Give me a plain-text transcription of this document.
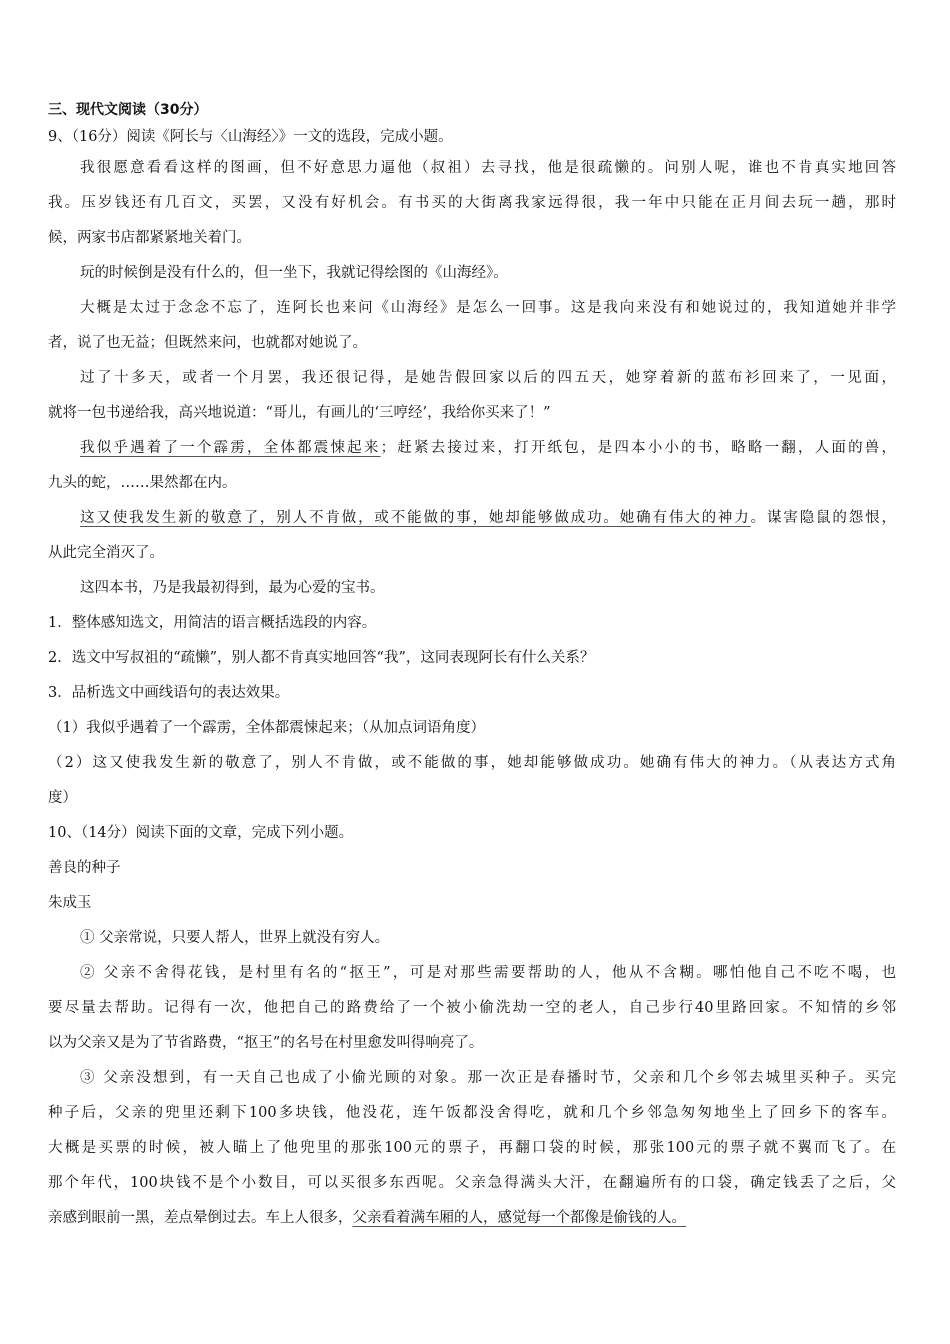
三、现代文阅读（30分）
9、（16分）阅读《阿长与〈山海经〉》一文的选段，完成小题。
我很愿意看看这样的图画，但不好意思力逼他（叔祖）去寻找，他是很疏懒的。问别人呢，谁也不肯真实地回答
我。压岁钱还有几百文，买罢，又没有好机会。有书买的大街离我家远得很，我一年中只能在正月间去玩一趟，那时
候，两家书店都紧紧地关着门。
玩的时候倒是没有什么的，但一坐下，我就记得绘图的《山海经》。
大概是太过于念念不忘了，连阿长也来问《山海经》是怎么一回事。这是我向来没有和她说过的，我知道她并非学
者，说了也无益；但既然来问，也就都对她说了。
过了十多天，或者一个月罢，我还很记得，是她告假回家以后的四五天，她穿着新的蓝布衫回来了，一见面，
就将一包书递给我，高兴地说道：“哥儿，有画儿的‘三哼经’，我给你买来了！”
我似乎遇着了一个霹雳，全体都震悚起来；赶紧去接过来，打开纸包，是四本小小的书，略略一翻，人面的兽，
九头的蛇，……果然都在内。
这又使我发生新的敬意了，别人不肯做，或不能做的事，她却能够做成功。她确有伟大的神力。谋害隐鼠的怨恨，
从此完全消灭了。
这四本书，乃是我最初得到，最为心爱的宝书。
1．整体感知选文，用简洁的语言概括选段的内容。
2．选文中写叔祖的“疏懒”，别人都不肯真实地回答“我”，这同表现阿长有什么关系？
3．品析选文中画线语句的表达效果。
（1）我似乎遇着了一个霹雳，全体都震悚起来；（从加点词语角度）
（2）这又使我发生新的敬意了，别人不肯做，或不能做的事，她却能够做成功。她确有伟大的神力。（从表达方式角
度）
10、（14分）阅读下面的文章，完成下列小题。
善良的种子
朱成玉
① 父亲常说，只要人帮人，世界上就没有穷人。
② 父亲不舍得花钱，是村里有名的“抠王”，可是对那些需要帮助的人，他从不含糊。哪怕他自己不吃不喝，也
要尽量去帮助。记得有一次，他把自己的路费给了一个被小偷洗劫一空的老人，自己步行40里路回家。不知情的乡邻
以为父亲又是为了节省路费，“抠王”的名号在村里愈发叫得响亮了。
③ 父亲没想到，有一天自己也成了小偷光顾的对象。那一次正是春播时节，父亲和几个乡邻去城里买种子。买完
种子后，父亲的兜里还剩下100多块钱，他没花，连午饭都没舍得吃，就和几个乡邻急匆匆地坐上了回乡下的客车。
大概是买票的时候，被人瞄上了他兜里的那张100元的票子，再翻口袋的时候，那张100元的票子就不翼而飞了。在
那个年代，100块钱不是个小数目，可以买很多东西呢。父亲急得满头大汗，在翻遍所有的口袋，确定钱丢了之后，父
亲感到眼前一黑，差点晕倒过去。车上人很多，父亲看着满车厢的人，感觉每一个都像是偷钱的人。
